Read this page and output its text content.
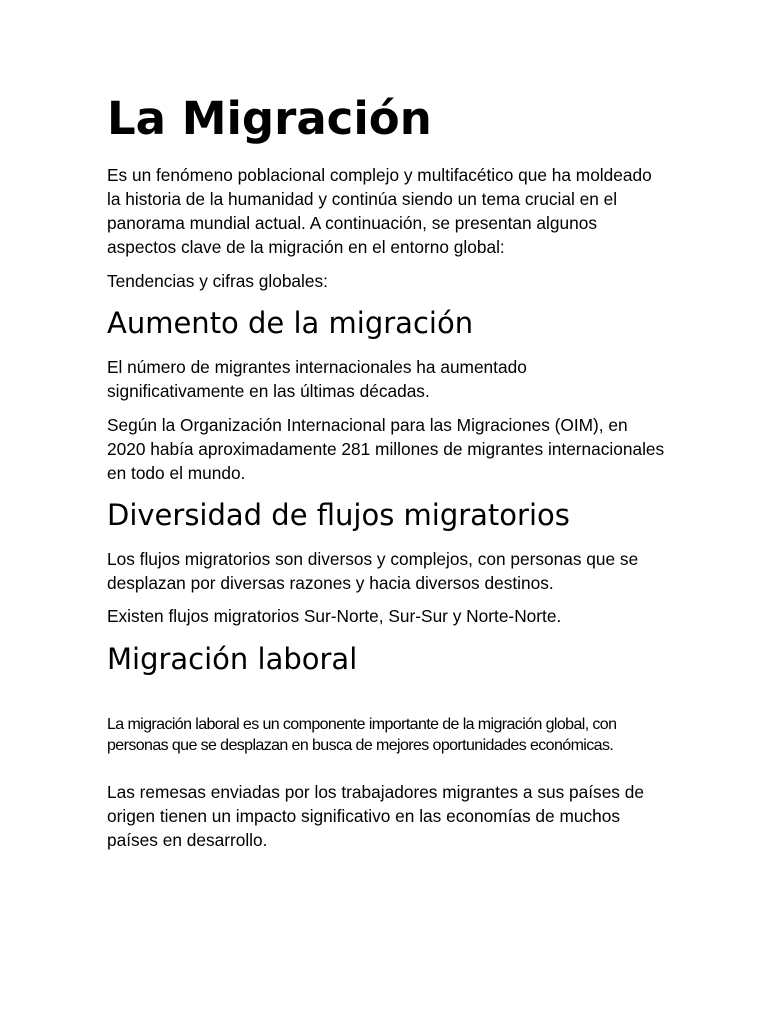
La Migración

Es un fenómeno poblacional complejo y multifacético que ha moldeado la historia de la humanidad y continúa siendo un tema crucial en el panorama mundial actual. A continuación, se presentan algunos aspectos clave de la migración en el entorno global:

Tendencias y cifras globales:

Aumento de la migración

El número de migrantes internacionales ha aumentado significativamente en las últimas décadas.

Según la Organización Internacional para las Migraciones (OIM), en 2020 había aproximadamente 281 millones de migrantes internacionales en todo el mundo.

Diversidad de flujos migratorios

Los flujos migratorios son diversos y complejos, con personas que se desplazan por diversas razones y hacia diversos destinos.

Existen flujos migratorios Sur-Norte, Sur-Sur y Norte-Norte.

Migración laboral

La migración laboral es un componente importante de la migración global, con personas que se desplazan en busca de mejores oportunidades económicas.

Las remesas enviadas por los trabajadores migrantes a sus países de origen tienen un impacto significativo en las economías de muchos países en desarrollo.
